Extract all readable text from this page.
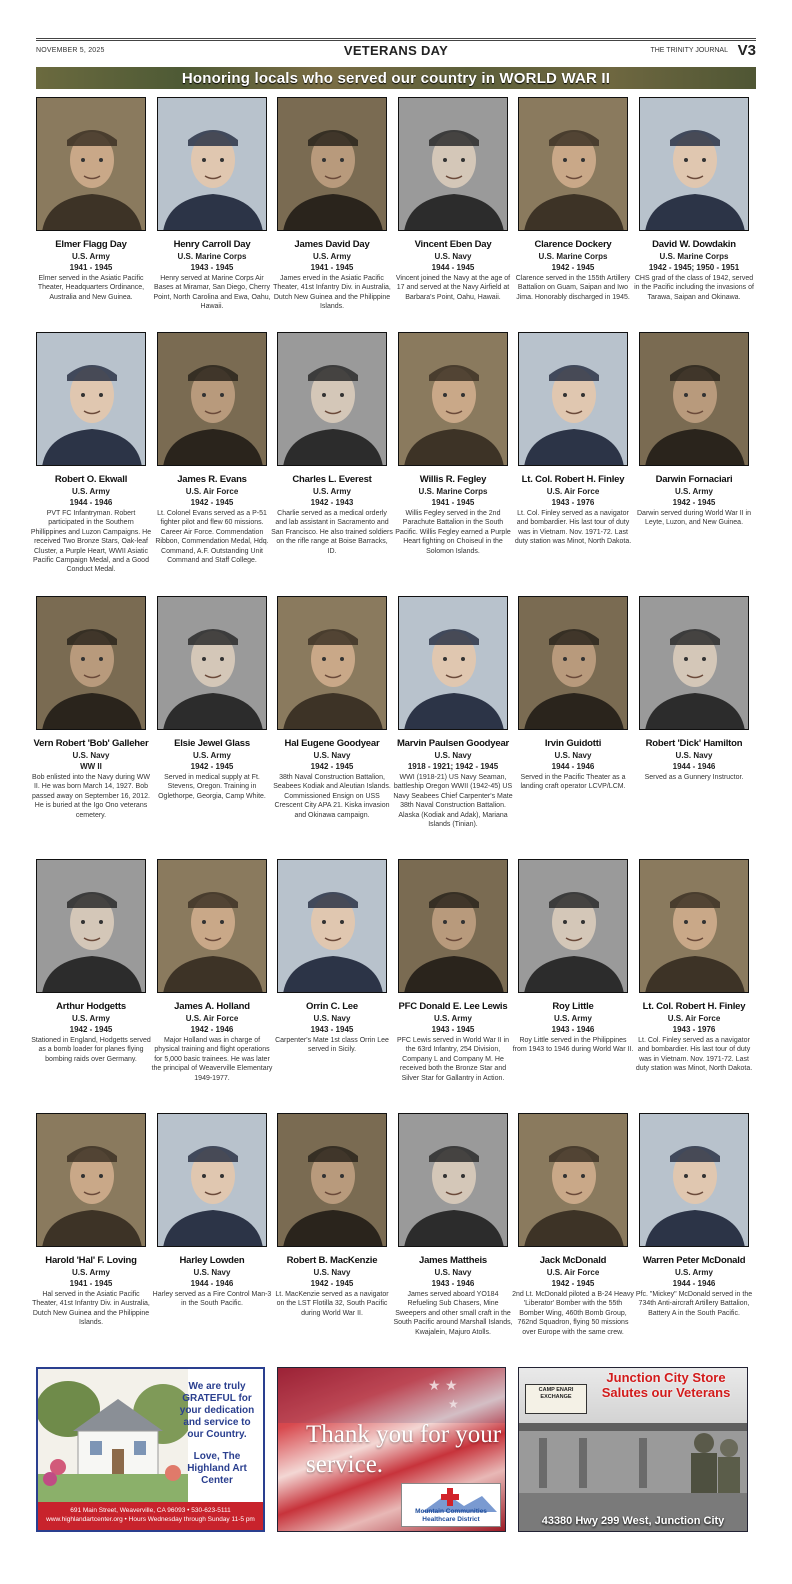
NOVEMBER 5, 2025	VETERANS DAY	THE TRINITY JOURNAL V3
Honoring locals who served our country in WORLD WAR II
Elmer Flagg Day
U.S. Army
1941 - 1945
Elmer served in the Asiatic Pacific Theater, Headquarters Ordinance, Australia and New Guinea.
Henry Carroll Day
U.S. Marine Corps
1943 - 1945
Henry served at Marine Corps Air Bases at Miramar, San Diego, Cherry Point, North Carolina and Ewa, Oahu, Hawaii.
James David Day
U.S. Army
1941 - 1945
James erved in the Asiatic Pacific Theater, 41st Infantry Div. in Australia, Dutch New Guinea and the Philippine Islands.
Vincent Eben Day
U.S. Navy
1944 - 1945
Vincent joined the Navy at the age of 17 and served at the Navy Airfield at Barbara's Point, Oahu, Hawaii.
Clarence Dockery
U.S. Marine Corps
1942 - 1945
Clarence served in the 155th Artillery Battalion on Guam, Saipan and Iwo Jima. Honorably discharged in 1945.
David W. Dowdakin
U.S. Marine Corps
1942 - 1945; 1950 - 1951
CHS grad of the class of 1942, served in the Pacific including the invasions of Tarawa, Saipan and Okinawa.
Robert O. Ekwall
U.S. Army
1944 - 1946
PVT FC Infantryman. Robert participated in the Southern Phillippines and Luzon Campaigns. He received Two Bronze Stars, Oak-leaf Cluster, a Purple Heart, WWII Asiatic Pacific Campaign Medal, and a Good Conduct Medal.
James R. Evans
U.S. Air Force
1942 - 1945
Lt. Colonel Evans served as a P-51 fighter pilot and flew 60 missions. Career Air Force. Commendation Ribbon, Commendation Medal, Hdq. Command, A.F. Outstanding Unit Command and Staff College.
Charles L. Everest
U.S. Army
1942 - 1943
Charlie served as a medical orderly and lab assistant in Sacramento and San Francisco. He also trained soldiers on the rifle range at Boise Barracks, ID.
Willis R. Fegley
U.S. Marine Corps
1941 - 1945
Willis Fegley served in the 2nd Parachute Battalion in the South Pacific. Willis Fegley earned a Purple Heart fighting on Choiseul in the Solomon Islands.
Lt. Col. Robert H. Finley
U.S. Air Force
1943 - 1976
Lt. Col. Finley served as a navigator and bombardier. His last tour of duty was in Vietnam. Nov. 1971-72. Last duty station was Minot, North Dakota.
Darwin Fornaciari
U.S. Army
1942 - 1945
Darwin served during World War II in Leyte, Luzon, and New Guinea.
Vern Robert 'Bob' Galleher
U.S. Navy
WW II
Bob enlisted into the Navy during WW II. He was born March 14, 1927. Bob passed away on September 16, 2012. He is buried at the Igo Ono veterans cemetery.
Elsie Jewel Glass
U.S. Army
1942 - 1945
Served in medical supply at Ft. Stevens, Oregon. Training in Oglethorpe, Georgia, Camp White.
Hal Eugene Goodyear
U.S. Navy
1942 - 1945
38th Naval Construction Battalion, Seabees Kodiak and Aleutian Islands. Commissioned Ensign on USS Crescent City APA 21. Kiska invasion and Okinawa campaign.
Marvin Paulsen Goodyear
U.S. Navy
1918 - 1921; 1942 - 1945
WWI (1918-21) US Navy Seaman, battleship Oregon WWII (1942-45) US Navy Seabees Chief Carpenter's Mate 38th Naval Construction Battalion. Alaska (Kodiak and Adak), Mariana Islands (Tinian).
Irvin Guidotti
U.S. Navy
1944 - 1946
Served in the Pacific Theater as a landing craft operator LCVP/LCM.
Robert 'Dick' Hamilton
U.S. Navy
1944 - 1946
Served as a Gunnery Instructor.
Arthur Hodgetts
U.S. Army
1942 - 1945
Stationed in England, Hodgetts served as a bomb loader for planes flying bombing raids over Germany.
James A. Holland
U.S. Air Force
1942 - 1946
Major Holland was in charge of physical training and flight operations for 5,000 basic trainees. He was later the principal of Weaverville Elementary 1949-1977.
Orrin C. Lee
U.S. Navy
1943 - 1945
Carpenter's Mate 1st class Orrin Lee served in Sicily.
PFC Donald E. Lee Lewis
U.S. Army
1943 - 1945
PFC Lewis served in World War II in the 63rd Infantry, 254 Division, Company L and Company M. He received both the Bronze Star and Silver Star for Gallantry in Action.
Roy Little
U.S. Army
1943 - 1946
Roy Little served in the Philippines from 1943 to 1946 during World War II.
Lt. Col. Robert H. Finley
U.S. Air Force
1943 - 1976
Lt. Col. Finley served as a navigator and bombardier. His last tour of duty was in Vietnam. Nov. 1971-72. Last duty station was Minot, North Dakota.
Harold 'Hal' F. Loving
U.S. Army
1941 - 1945
Hal served in the Asiatic Pacific Theater, 41st Infantry Div. in Australia, Dutch New Guinea and the Philippine Islands.
Harley Lowden
U.S. Navy
1944 - 1946
Harley served as a Fire Control Man-3 in the South Pacific.
Robert B. MacKenzie
U.S. Navy
1942 - 1945
Lt. MacKenzie served as a navigator on the LST Flotilla 32, South Pacific during World War II.
James Mattheis
U.S. Navy
1943 - 1946
James served aboard YO184 Refueling Sub Chasers, Mine Sweepers and other small craft in the South Pacific around Marshall Islands, Kwajalein, Majuro Atolls.
Jack McDonald
U.S. Air Force
1942 - 1945
2nd Lt. McDonald piloted a B-24 Heavy 'Liberator' Bomber with the 55th Bomber Wing, 460th Bomb Group, 762nd Squadron, flying 50 missions over Europe with the same crew.
Warren Peter McDonald
U.S. Army
1944 - 1946
Pfc. "Mickey" McDonald served in the 734th Anti-aircraft Artillery Battalion, Battery A in the South Pacific.
We are truly GRATEFUL for your dedication and service to our Country.
Love, The Highland Art Center
691 Main Street, Weaverville, CA 96093 • 530-623-5111
www.highlandartcenter.org • Hours Wednesday through Sunday 11-5 pm
★ ★
★
Thank you for your service.
Mountain Communities Healthcare District
CAMP ENARI EXCHANGE
Junction City Store Salutes our Veterans
43380 Hwy 299 West, Junction City
